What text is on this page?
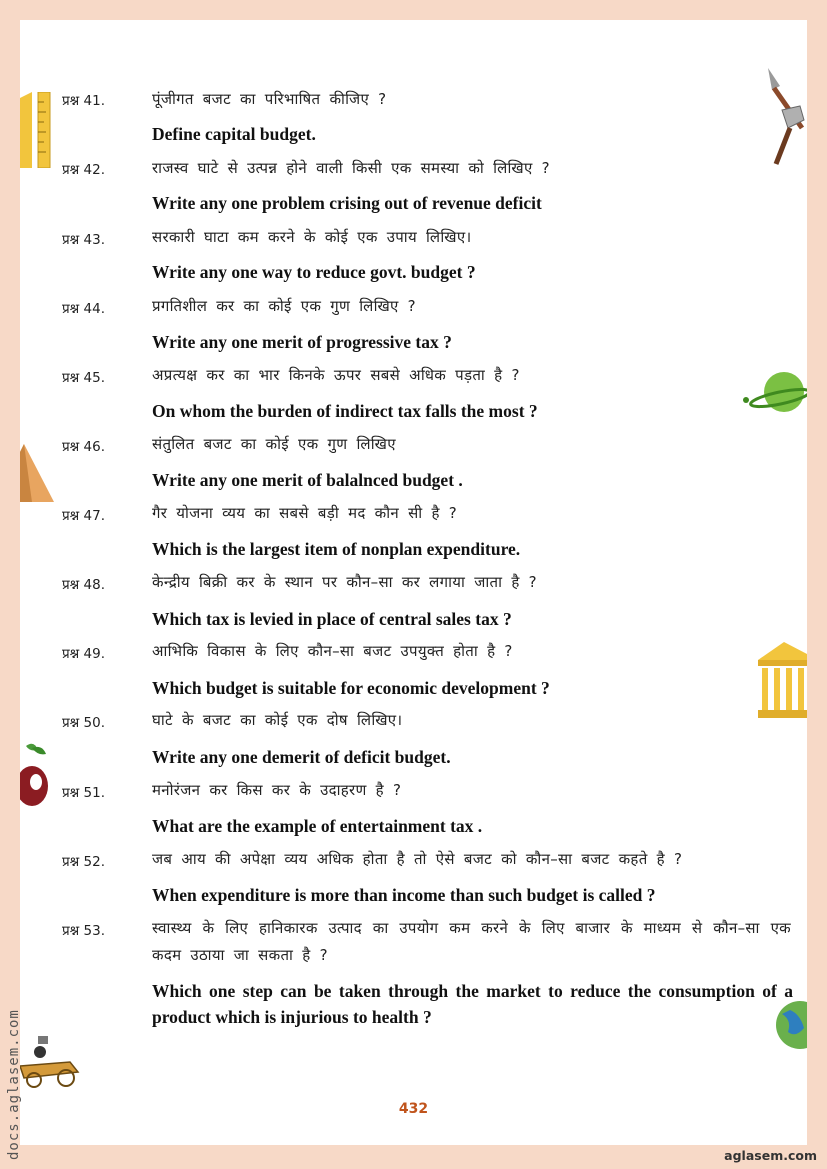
प्रश्न 41.	पूंजीगत बजट का परिभाषित कीजिए ?
Define capital budget.
प्रश्न 42.	राजस्व घाटे से उत्पन्न होने वाली किसी एक समस्या को लिखिए ?
Write any one problem crising out of revenue deficit
प्रश्न 43.	सरकारी घाटा कम करने के कोई एक उपाय लिखिए।
Write any one way to reduce govt. budget ?
प्रश्न 44.	प्रगतिशील कर का कोई एक गुण लिखिए ?
Write any one merit of progressive tax ?
प्रश्न 45.	अप्रत्यक्ष कर का भार किनके ऊपर सबसे अधिक पड़ता है ?
On whom the burden of indirect tax falls the most ?
प्रश्न 46.	संतुलित बजट का कोई एक गुण लिखिए
Write any one merit of balalnced budget .
प्रश्न 47.	गैर योजना व्यय का सबसे बड़ी मद कौन सी है ?
Which is the largest item of nonplan expenditure.
प्रश्न 48.	केन्द्रीय बिक्री कर के स्थान पर कौन–सा कर लगाया जाता है ?
Which tax is levied in place of central sales tax ?
प्रश्न 49.	आभिकि विकास के लिए कौन–सा बजट उपयुक्त होता है ?
Which budget is suitable for economic development ?
प्रश्न 50.	घाटे के बजट का कोई एक दोष लिखिए।
Write any one demerit of deficit budget.
प्रश्न 51.	मनोरंजन कर किस कर के उदाहरण है ?
What are the example of entertainment tax .
प्रश्न 52.	जब आय की अपेक्षा व्यय अधिक होता है तो ऐसे बजट को कौन–सा बजट कहते है ?
When expenditure is more than income than such budget is called ?
प्रश्न 53.	स्वास्थ्य के लिए हानिकारक उत्पाद का उपयोग कम करने के लिए बाजार के माध्यम से कौन–सा एक कदम उठाया जा सकता है ?
Which one step can be taken through the market to reduce the consumption of a product which is injurious to health ?
432
docs.aglasem.com	aglasem.com
